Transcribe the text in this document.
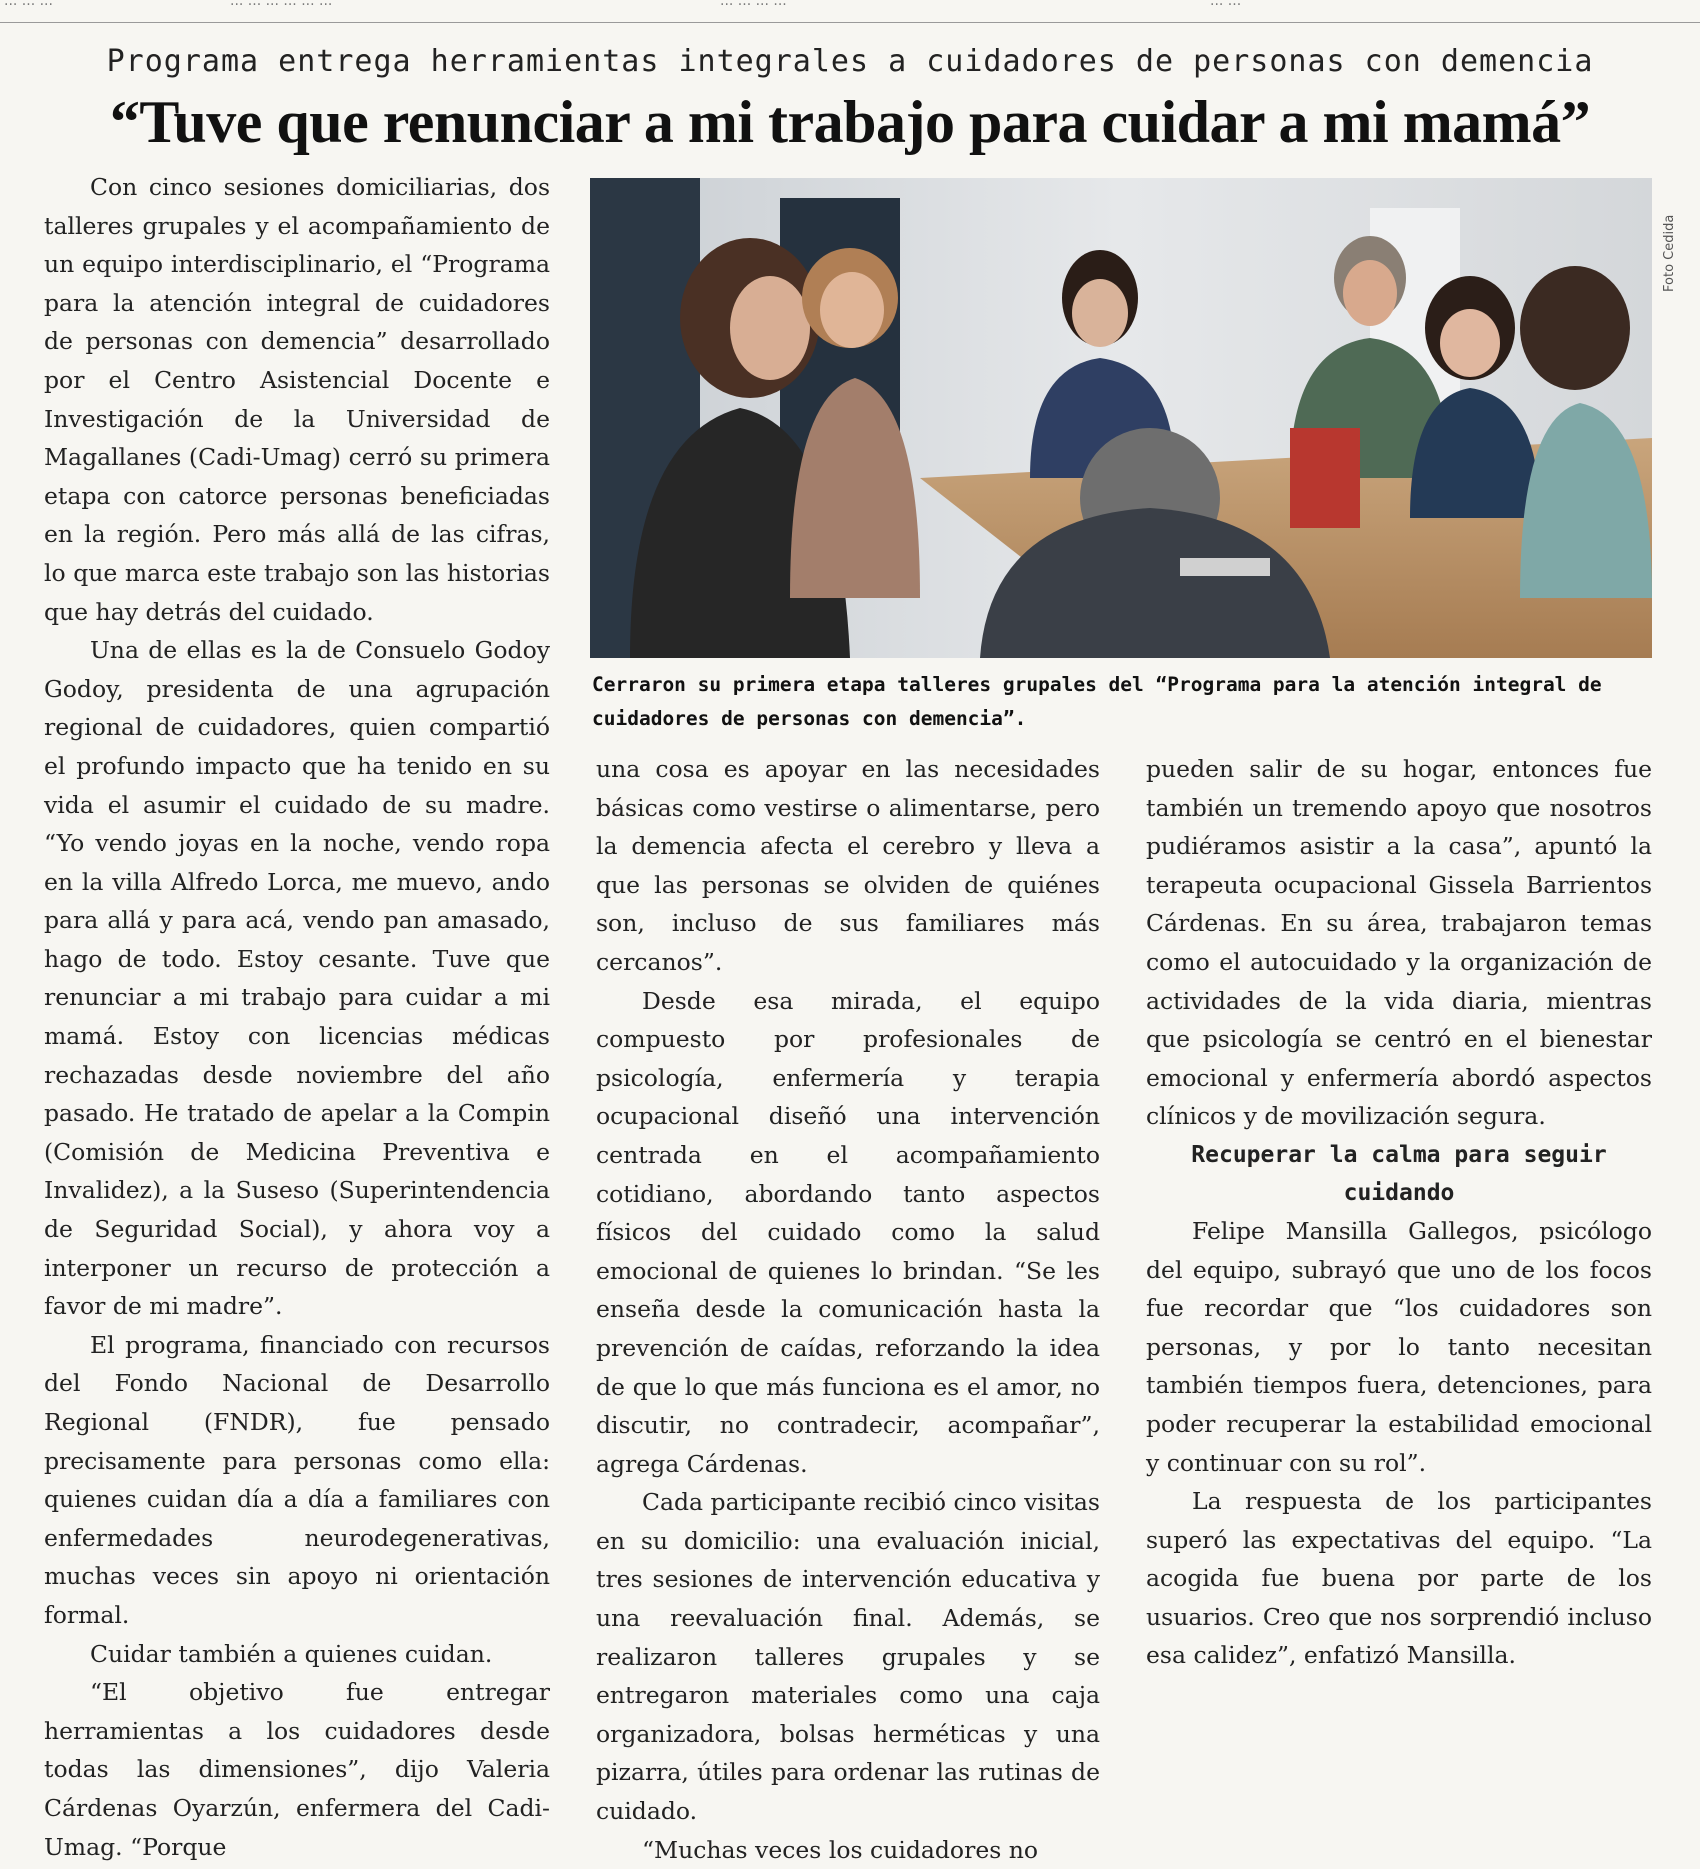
... ... ...	... ... ... ... ... ...	... ... ... ...	... ...
Programa entrega herramientas integrales a cuidadores de personas con demencia
“Tuve que renunciar a mi trabajo para cuidar a mi mamá”
Foto Cedida
Cerraron su primera etapa talleres grupales del “Programa para la atención integral de cuidadores de personas con demencia”.

Con cinco sesiones domiciliarias, dos talleres grupales y el acompañamiento de un equipo interdisciplinario, el “Programa para la atención integral de cuidadores de personas con demencia” desarrollado por el Centro Asistencial Docente e Investigación de la Universidad de Magallanes (Cadi-Umag) cerró su primera etapa con catorce personas beneficiadas en la región. Pero más allá de las cifras, lo que marca este trabajo son las historias que hay detrás del cuidado.

Una de ellas es la de Consuelo Godoy Godoy, presidenta de una agrupación regional de cuidadores, quien compartió el profundo impacto que ha tenido en su vida el asumir el cuidado de su madre. “Yo vendo joyas en la noche, vendo ropa en la villa Alfredo Lorca, me muevo, ando para allá y para acá, vendo pan amasado, hago de todo. Estoy cesante. Tuve que renunciar a mi trabajo para cuidar a mi mamá. Estoy con licencias médicas rechazadas desde noviembre del año pasado. He tratado de apelar a la Compin (Comisión de Medicina Preventiva e Invalidez), a la Suseso (Superintendencia de Seguridad Social), y ahora voy a interponer un recurso de protección a favor de mi madre”.

El programa, financiado con recursos del Fondo Nacional de Desarrollo Regional (FNDR), fue pensado precisamente para personas como ella: quienes cuidan día a día a familiares con enfermedades neurodegenerativas, muchas veces sin apoyo ni orientación formal.

Cuidar también a quienes cuidan.

“El objetivo fue entregar herramientas a los cuidadores desde todas las dimensiones”, dijo Valeria Cárdenas Oyarzún, enfermera del Cadi-Umag. “Porque

una cosa es apoyar en las necesidades básicas como vestirse o alimentarse, pero la demencia afecta el cerebro y lleva a que las personas se olviden de quiénes son, incluso de sus familiares más cercanos”.

Desde esa mirada, el equipo compuesto por profesionales de psicología, enfermería y terapia ocupacional diseñó una intervención centrada en el acompañamiento cotidiano, abordando tanto aspectos físicos del cuidado como la salud emocional de quienes lo brindan. “Se les enseña desde la comunicación hasta la prevención de caídas, reforzando la idea de que lo que más funciona es el amor, no discutir, no contradecir, acompañar”, agrega Cárdenas.

Cada participante recibió cinco visitas en su domicilio: una evaluación inicial, tres sesiones de intervención educativa y una reevaluación final. Además, se realizaron talleres grupales y se entregaron materiales como una caja organizadora, bolsas herméticas y una pizarra, útiles para ordenar las rutinas de cuidado.

“Muchas veces los cuidadores no

pueden salir de su hogar, entonces fue también un tremendo apoyo que nosotros pudiéramos asistir a la casa”, apuntó la terapeuta ocupacional Gissela Barrientos Cárdenas. En su área, trabajaron temas como el autocuidado y la organización de actividades de la vida diaria, mientras que psicología se centró en el bienestar emocional y enfermería abordó aspectos clínicos y de movilización segura.

Recuperar la calma para seguir cuidando

Felipe Mansilla Gallegos, psicólogo del equipo, subrayó que uno de los focos fue recordar que “los cuidadores son personas, y por lo tanto necesitan también tiempos fuera, detenciones, para poder recuperar la estabilidad emocional y continuar con su rol”.

La respuesta de los participantes superó las expectativas del equipo. “La acogida fue buena por parte de los usuarios. Creo que nos sorprendió incluso esa calidez”, enfatizó Mansilla.
